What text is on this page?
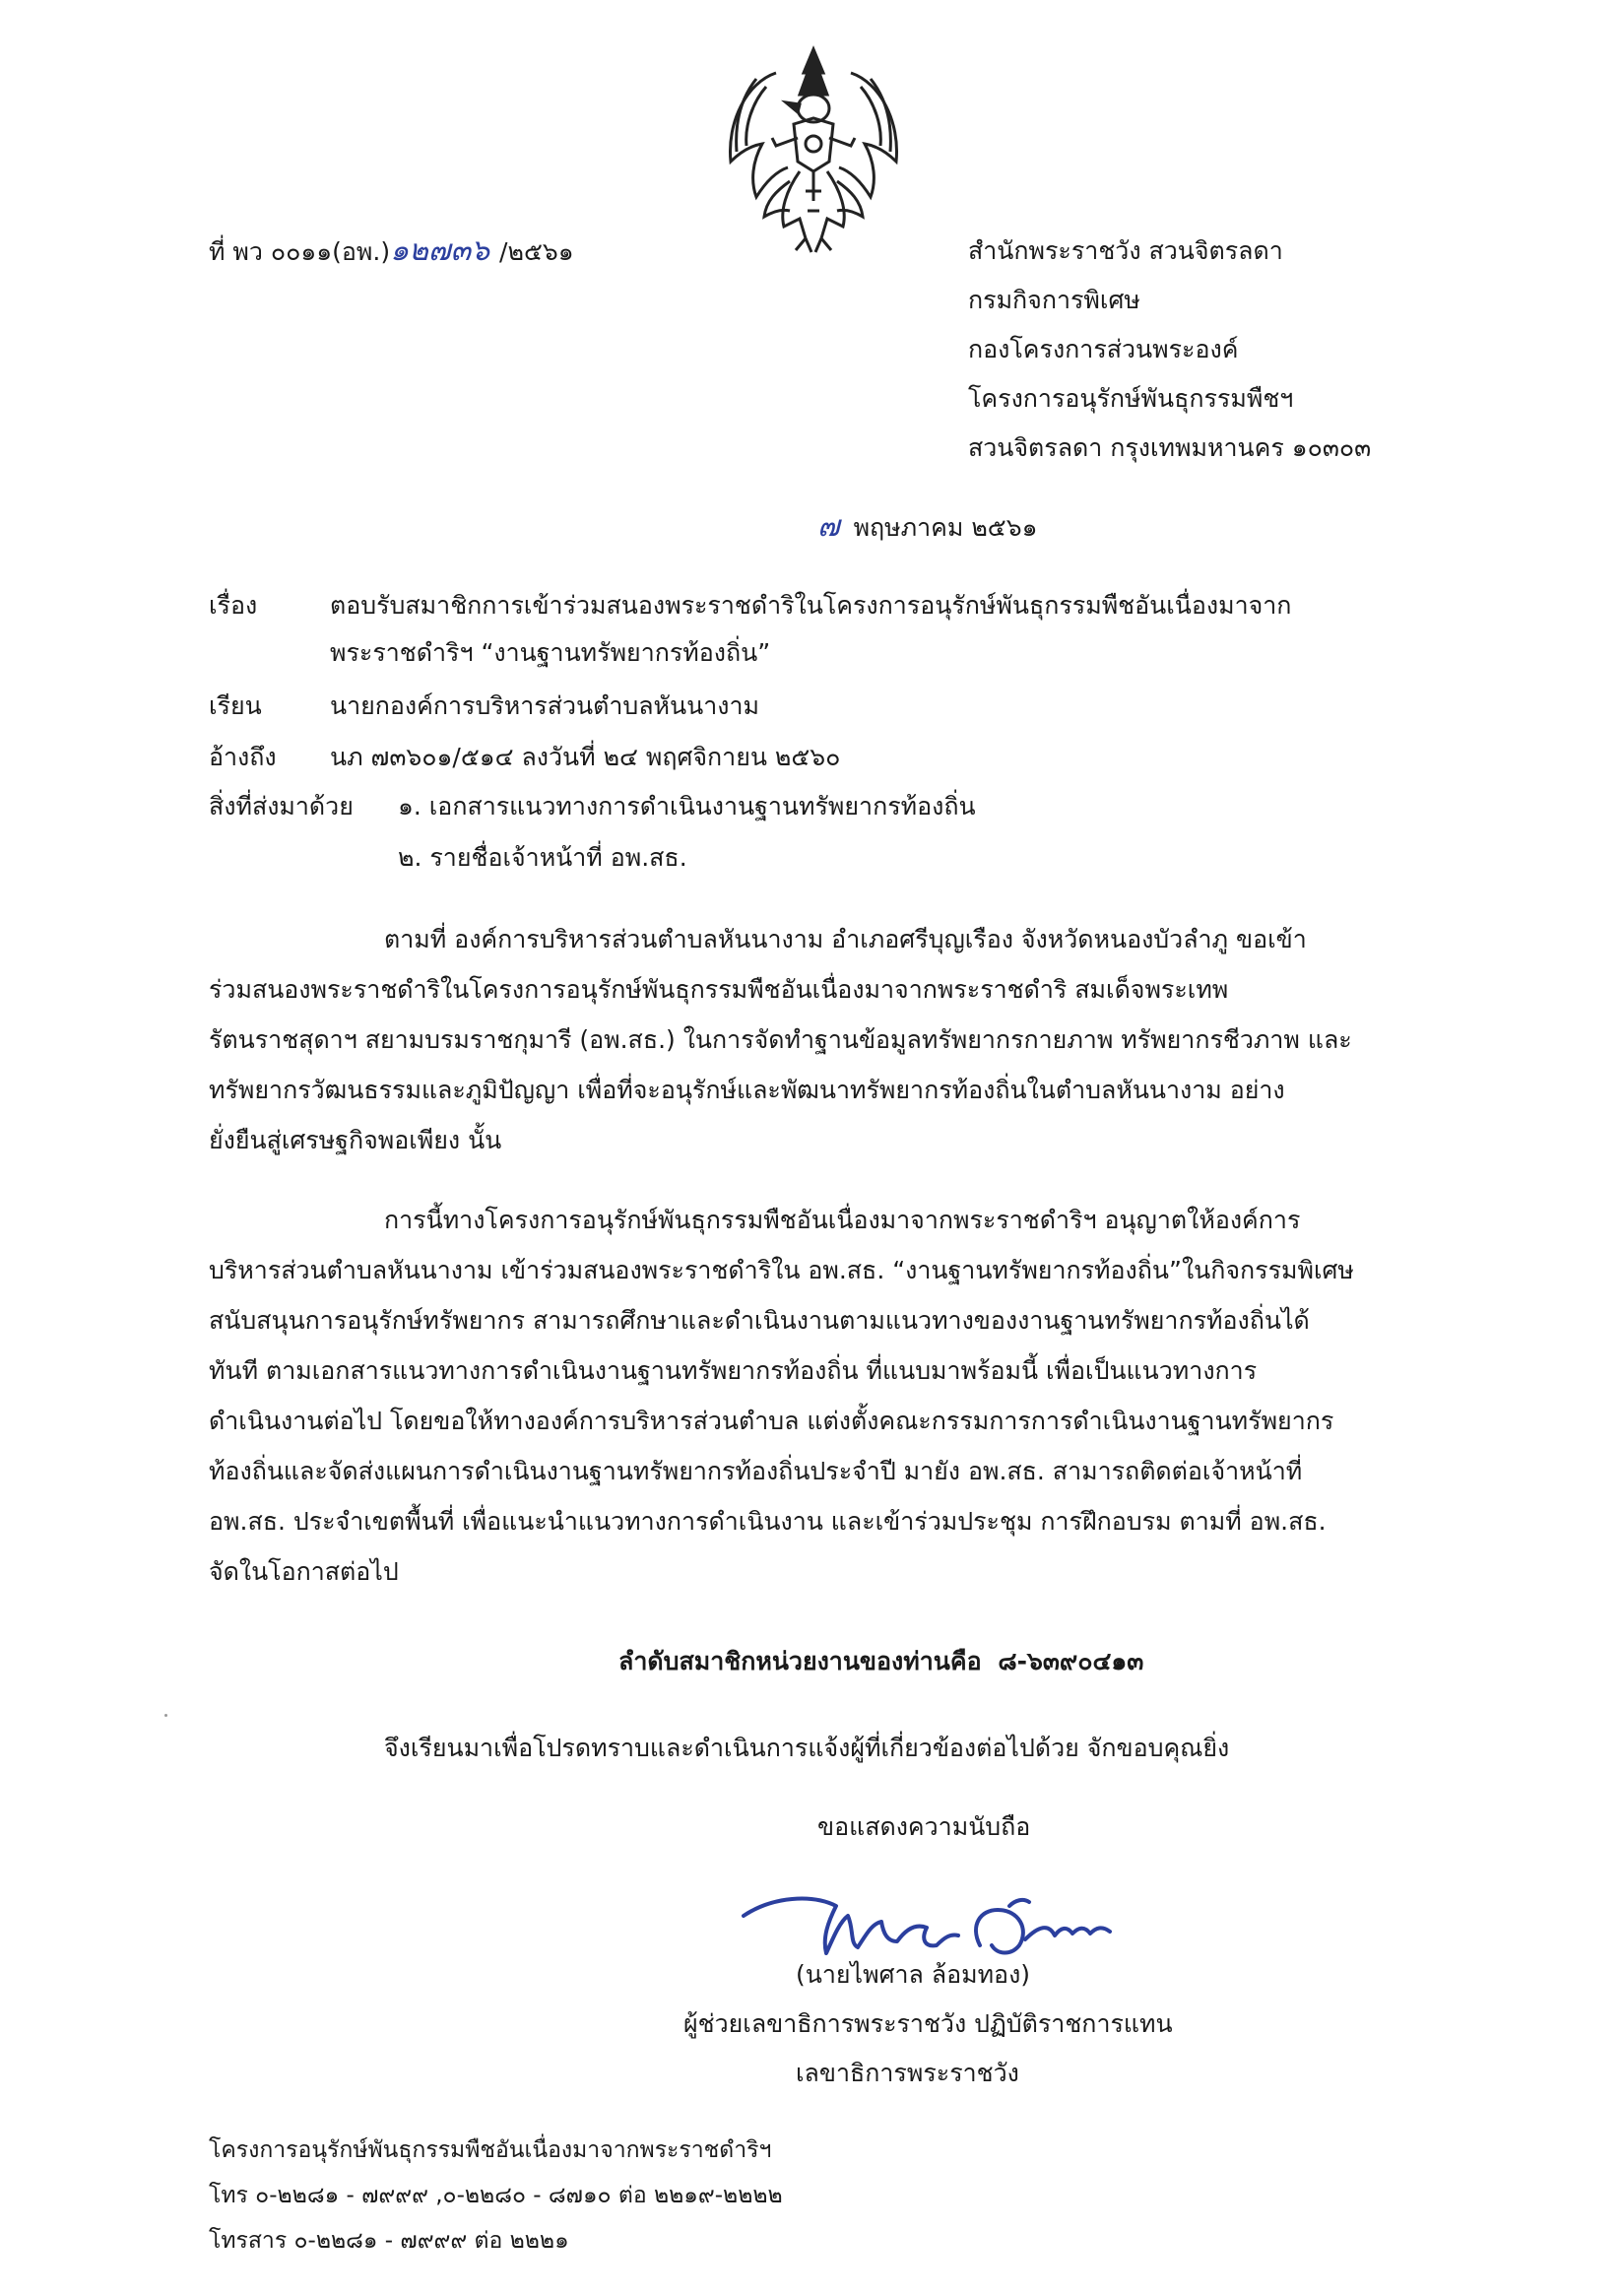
ที่ พว ๐๐๑๑(อพ.)๑๒๗๓๖ /๒๕๖๑	สำนักพระราชวัง สวนจิตรลดา
กรมกิจการพิเศษ
กองโครงการส่วนพระองค์
โครงการอนุรักษ์พันธุกรรมพืชฯ
สวนจิตรลดา กรุงเทพมหานคร ๑๐๓๐๓
๗ พฤษภาคม ๒๕๖๑
เรื่อง	ตอบรับสมาชิกการเข้าร่วมสนองพระราชดำริในโครงการอนุรักษ์พันธุกรรมพืชอันเนื่องมาจาก
พระราชดำริฯ “งานฐานทรัพยากรท้องถิ่น”
เรียน	นายกองค์การบริหารส่วนตำบลหันนางาม
อ้างถึง นภ ๗๓๖๐๑/๕๑๔ ลงวันที่ ๒๔ พฤศจิกายน ๒๕๖๐
สิ่งที่ส่งมาด้วย ๑. เอกสารแนวทางการดำเนินงานฐานทรัพยากรท้องถิ่น
๒. รายชื่อเจ้าหน้าที่ อพ.สธ.

ตามที่ องค์การบริหารส่วนตำบลหันนางาม อำเภอศรีบุญเรือง จังหวัดหนองบัวลำภู ขอเข้า

ร่วมสนองพระราชดำริในโครงการอนุรักษ์พันธุกรรมพืชอันเนื่องมาจากพระราชดำริ สมเด็จพระเทพ

รัตนราชสุดาฯ สยามบรมราชกุมารี (อพ.สธ.) ในการจัดทำฐานข้อมูลทรัพยากรกายภาพ ทรัพยากรชีวภาพ และ

ทรัพยากรวัฒนธรรมและภูมิปัญญา เพื่อที่จะอนุรักษ์และพัฒนาทรัพยากรท้องถิ่นในตำบลหันนางาม อย่าง

ยั่งยืนสู่เศรษฐกิจพอเพียง นั้น

การนี้ทางโครงการอนุรักษ์พันธุกรรมพืชอันเนื่องมาจากพระราชดำริฯ อนุญาตให้องค์การ

บริหารส่วนตำบลหันนางาม เข้าร่วมสนองพระราชดำริใน อพ.สธ. “งานฐานทรัพยากรท้องถิ่น”ในกิจกรรมพิเศษ

สนับสนุนการอนุรักษ์ทรัพยากร สามารถศึกษาและดำเนินงานตามแนวทางของงานฐานทรัพยากรท้องถิ่นได้

ทันที ตามเอกสารแนวทางการดำเนินงานฐานทรัพยากรท้องถิ่น ที่แนบมาพร้อมนี้ เพื่อเป็นแนวทางการ

ดำเนินงานต่อไป โดยขอให้ทางองค์การบริหารส่วนตำบล แต่งตั้งคณะกรรมการการดำเนินงานฐานทรัพยากร

ท้องถิ่นและจัดส่งแผนการดำเนินงานฐานทรัพยากรท้องถิ่นประจำปี มายัง อพ.สธ. สามารถติดต่อเจ้าหน้าที่

อพ.สธ. ประจำเขตพื้นที่ เพื่อแนะนำแนวทางการดำเนินงาน และเข้าร่วมประชุม การฝึกอบรม ตามที่ อพ.สธ.

จัดในโอกาสต่อไป

ลำดับสมาชิกหน่วยงานของท่านคือ ๘-๖๓๙๐๔๑๓
จึงเรียนมาเพื่อโปรดทราบและดำเนินการแจ้งผู้ที่เกี่ยวข้องต่อไปด้วย จักขอบคุณยิ่ง
ขอแสดงความนับถือ
(นายไพศาล ล้อมทอง)
ผู้ช่วยเลขาธิการพระราชวัง ปฏิบัติราชการแทน
เลขาธิการพระราชวัง
โครงการอนุรักษ์พันธุกรรมพืชอันเนื่องมาจากพระราชดำริฯ
โทร ๐-๒๒๘๑ - ๗๙๙๙ ,๐-๒๒๘๐ - ๘๗๑๐ ต่อ ๒๒๑๙-๒๒๒๒
โทรสาร ๐-๒๒๘๑ - ๗๙๙๙ ต่อ ๒๒๒๑
